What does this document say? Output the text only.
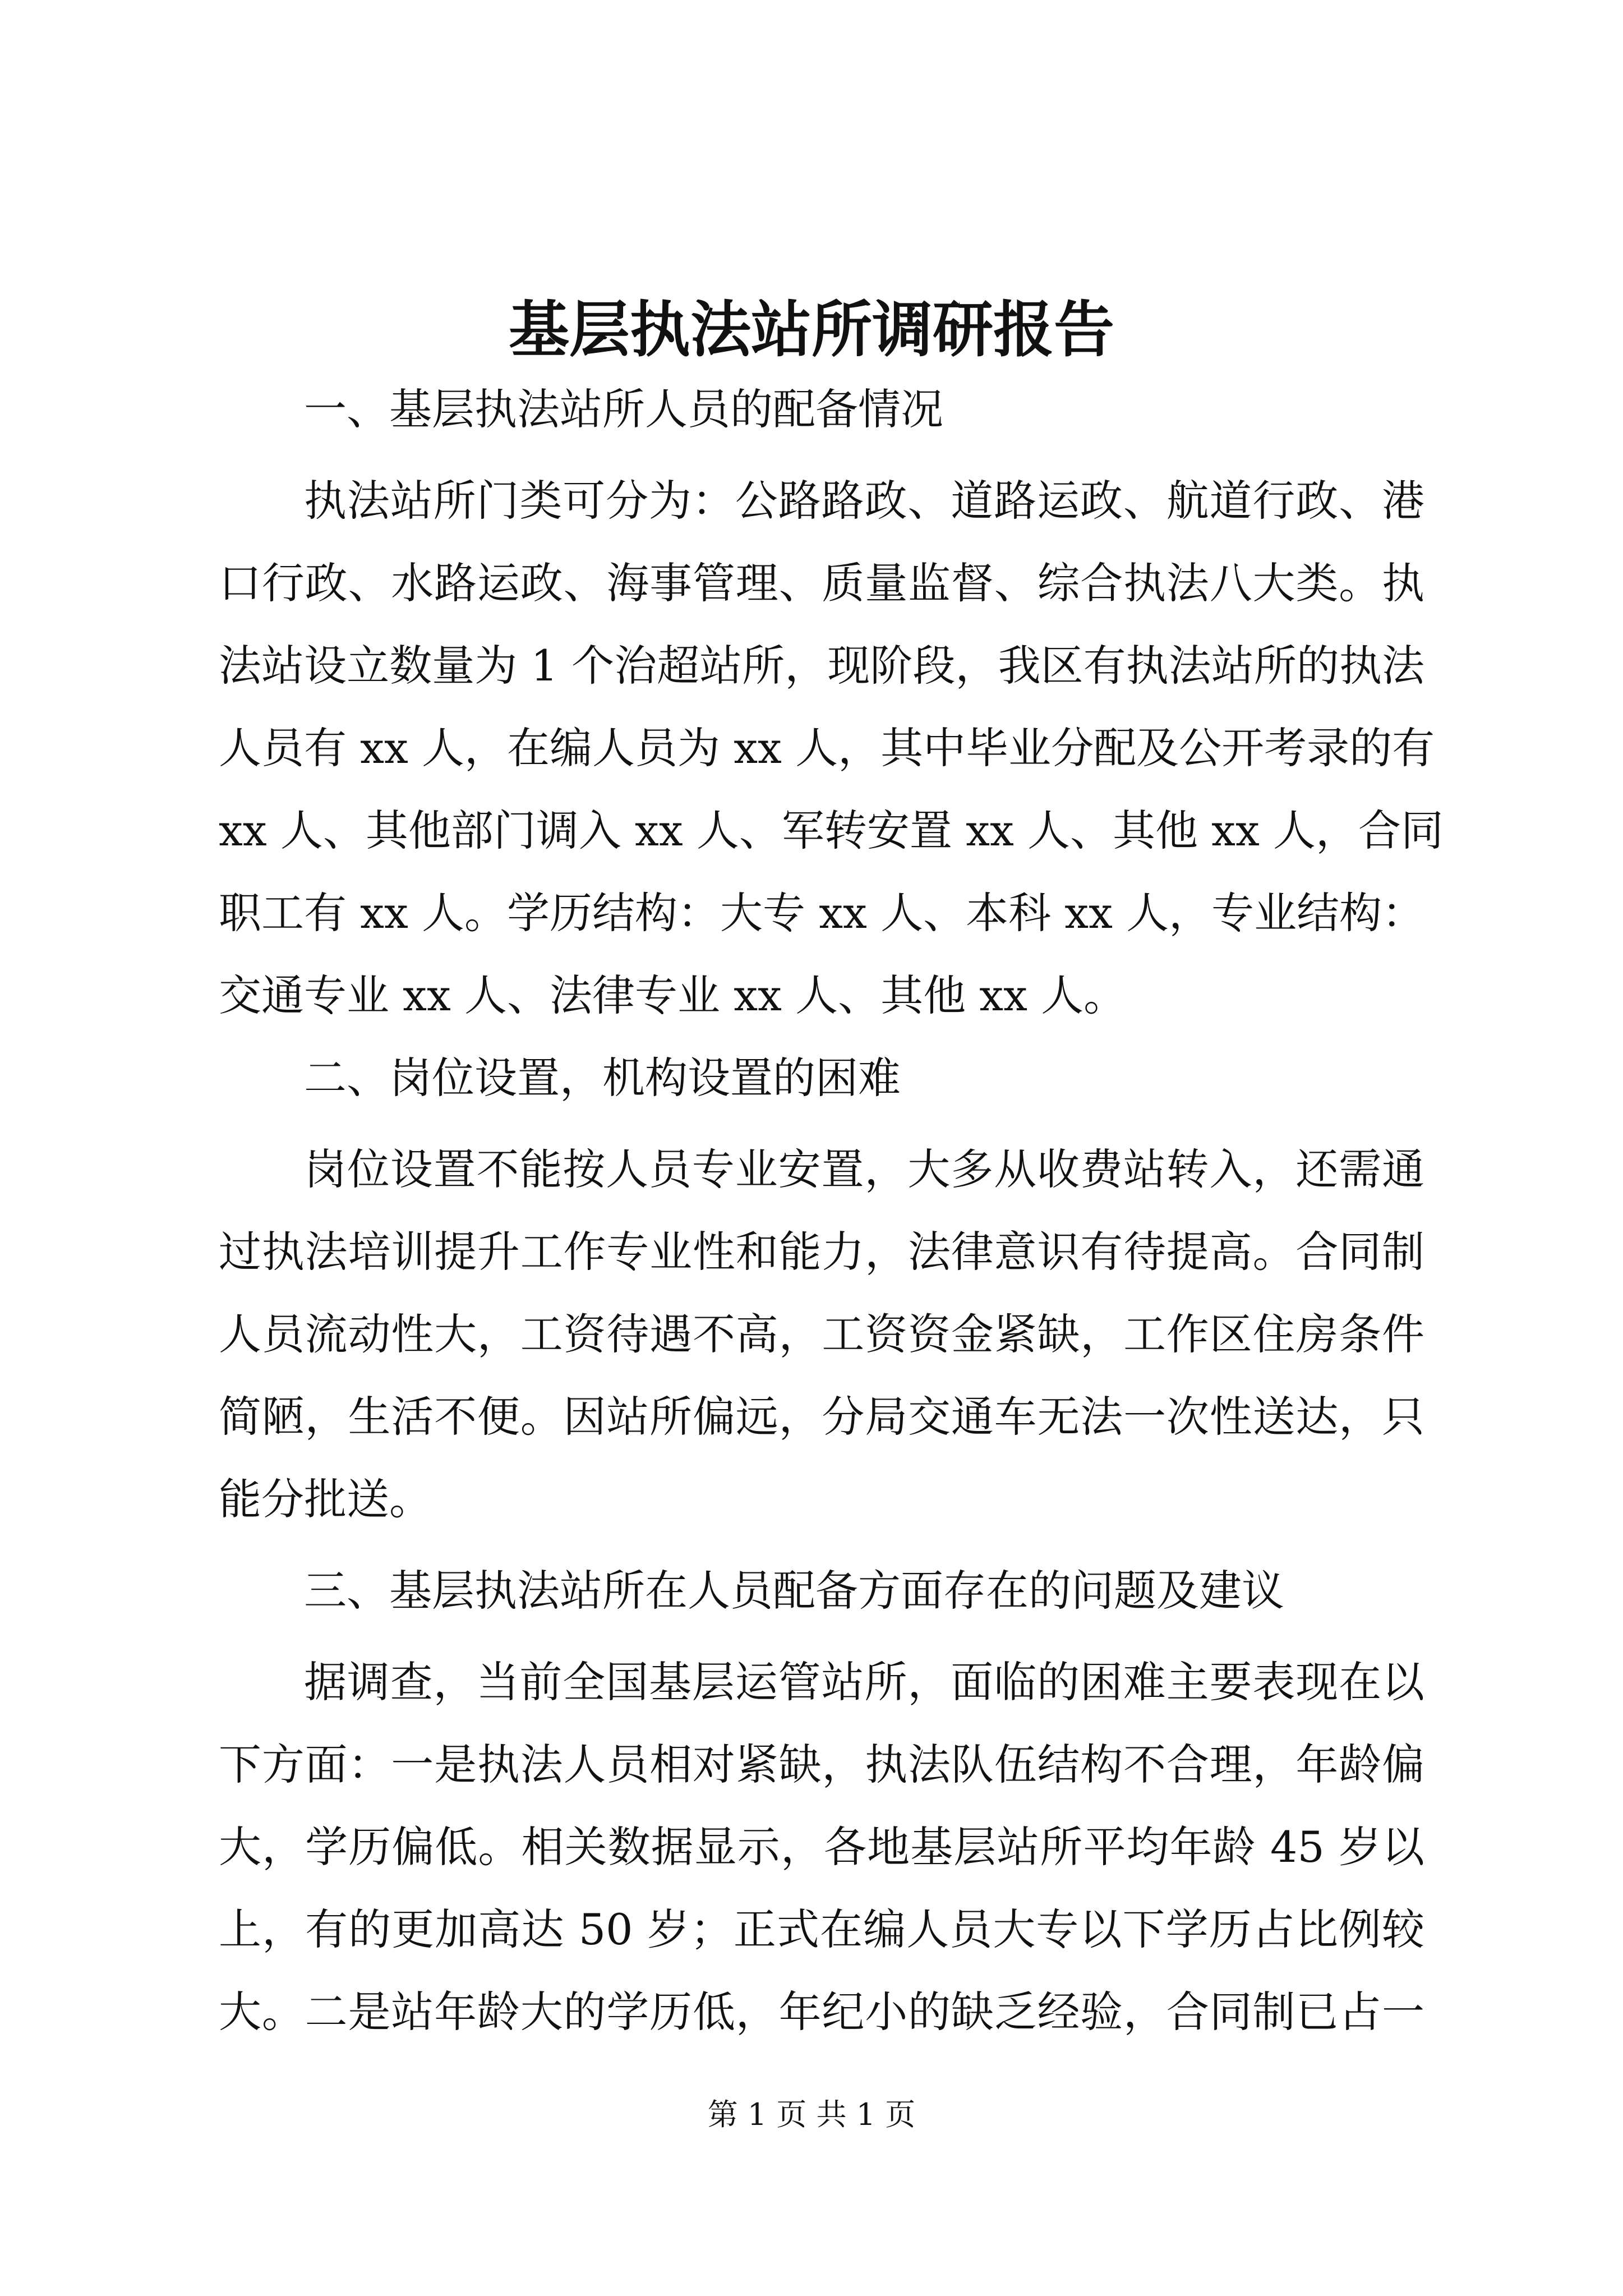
基层执法站所调研报告

一、基层执法站所人员的配备情况

执法站所门类可分为：公路路政、道路运政、航道行政、港

口行政、水路运政、海事管理、质量监督、综合执法八大类。执

法站设立数量为 1 个治超站所，现阶段，我区有执法站所的执法

人员有 xx 人，在编人员为 xx 人，其中毕业分配及公开考录的有

xx 人、其他部门调入 xx 人、军转安置 xx 人、其他 xx 人，合同

职工有 xx 人。学历结构：大专 xx 人、本科 xx 人，专业结构：

交通专业 xx 人、法律专业 xx 人、其他 xx 人。

二、岗位设置，机构设置的困难

岗位设置不能按人员专业安置，大多从收费站转入，还需通

过执法培训提升工作专业性和能力，法律意识有待提高。合同制

人员流动性大，工资待遇不高，工资资金紧缺，工作区住房条件

简陋，生活不便。因站所偏远，分局交通车无法一次性送达，只

能分批送。

三、基层执法站所在人员配备方面存在的问题及建议

据调查，当前全国基层运管站所，面临的困难主要表现在以

下方面：一是执法人员相对紧缺，执法队伍结构不合理，年龄偏

大，学历偏低。相关数据显示，各地基层站所平均年龄 45 岁以

上，有的更加高达 50 岁；正式在编人员大专以下学历占比例较

大。二是站年龄大的学历低，年纪小的缺乏经验，合同制已占一

第 1 页 共 1 页
